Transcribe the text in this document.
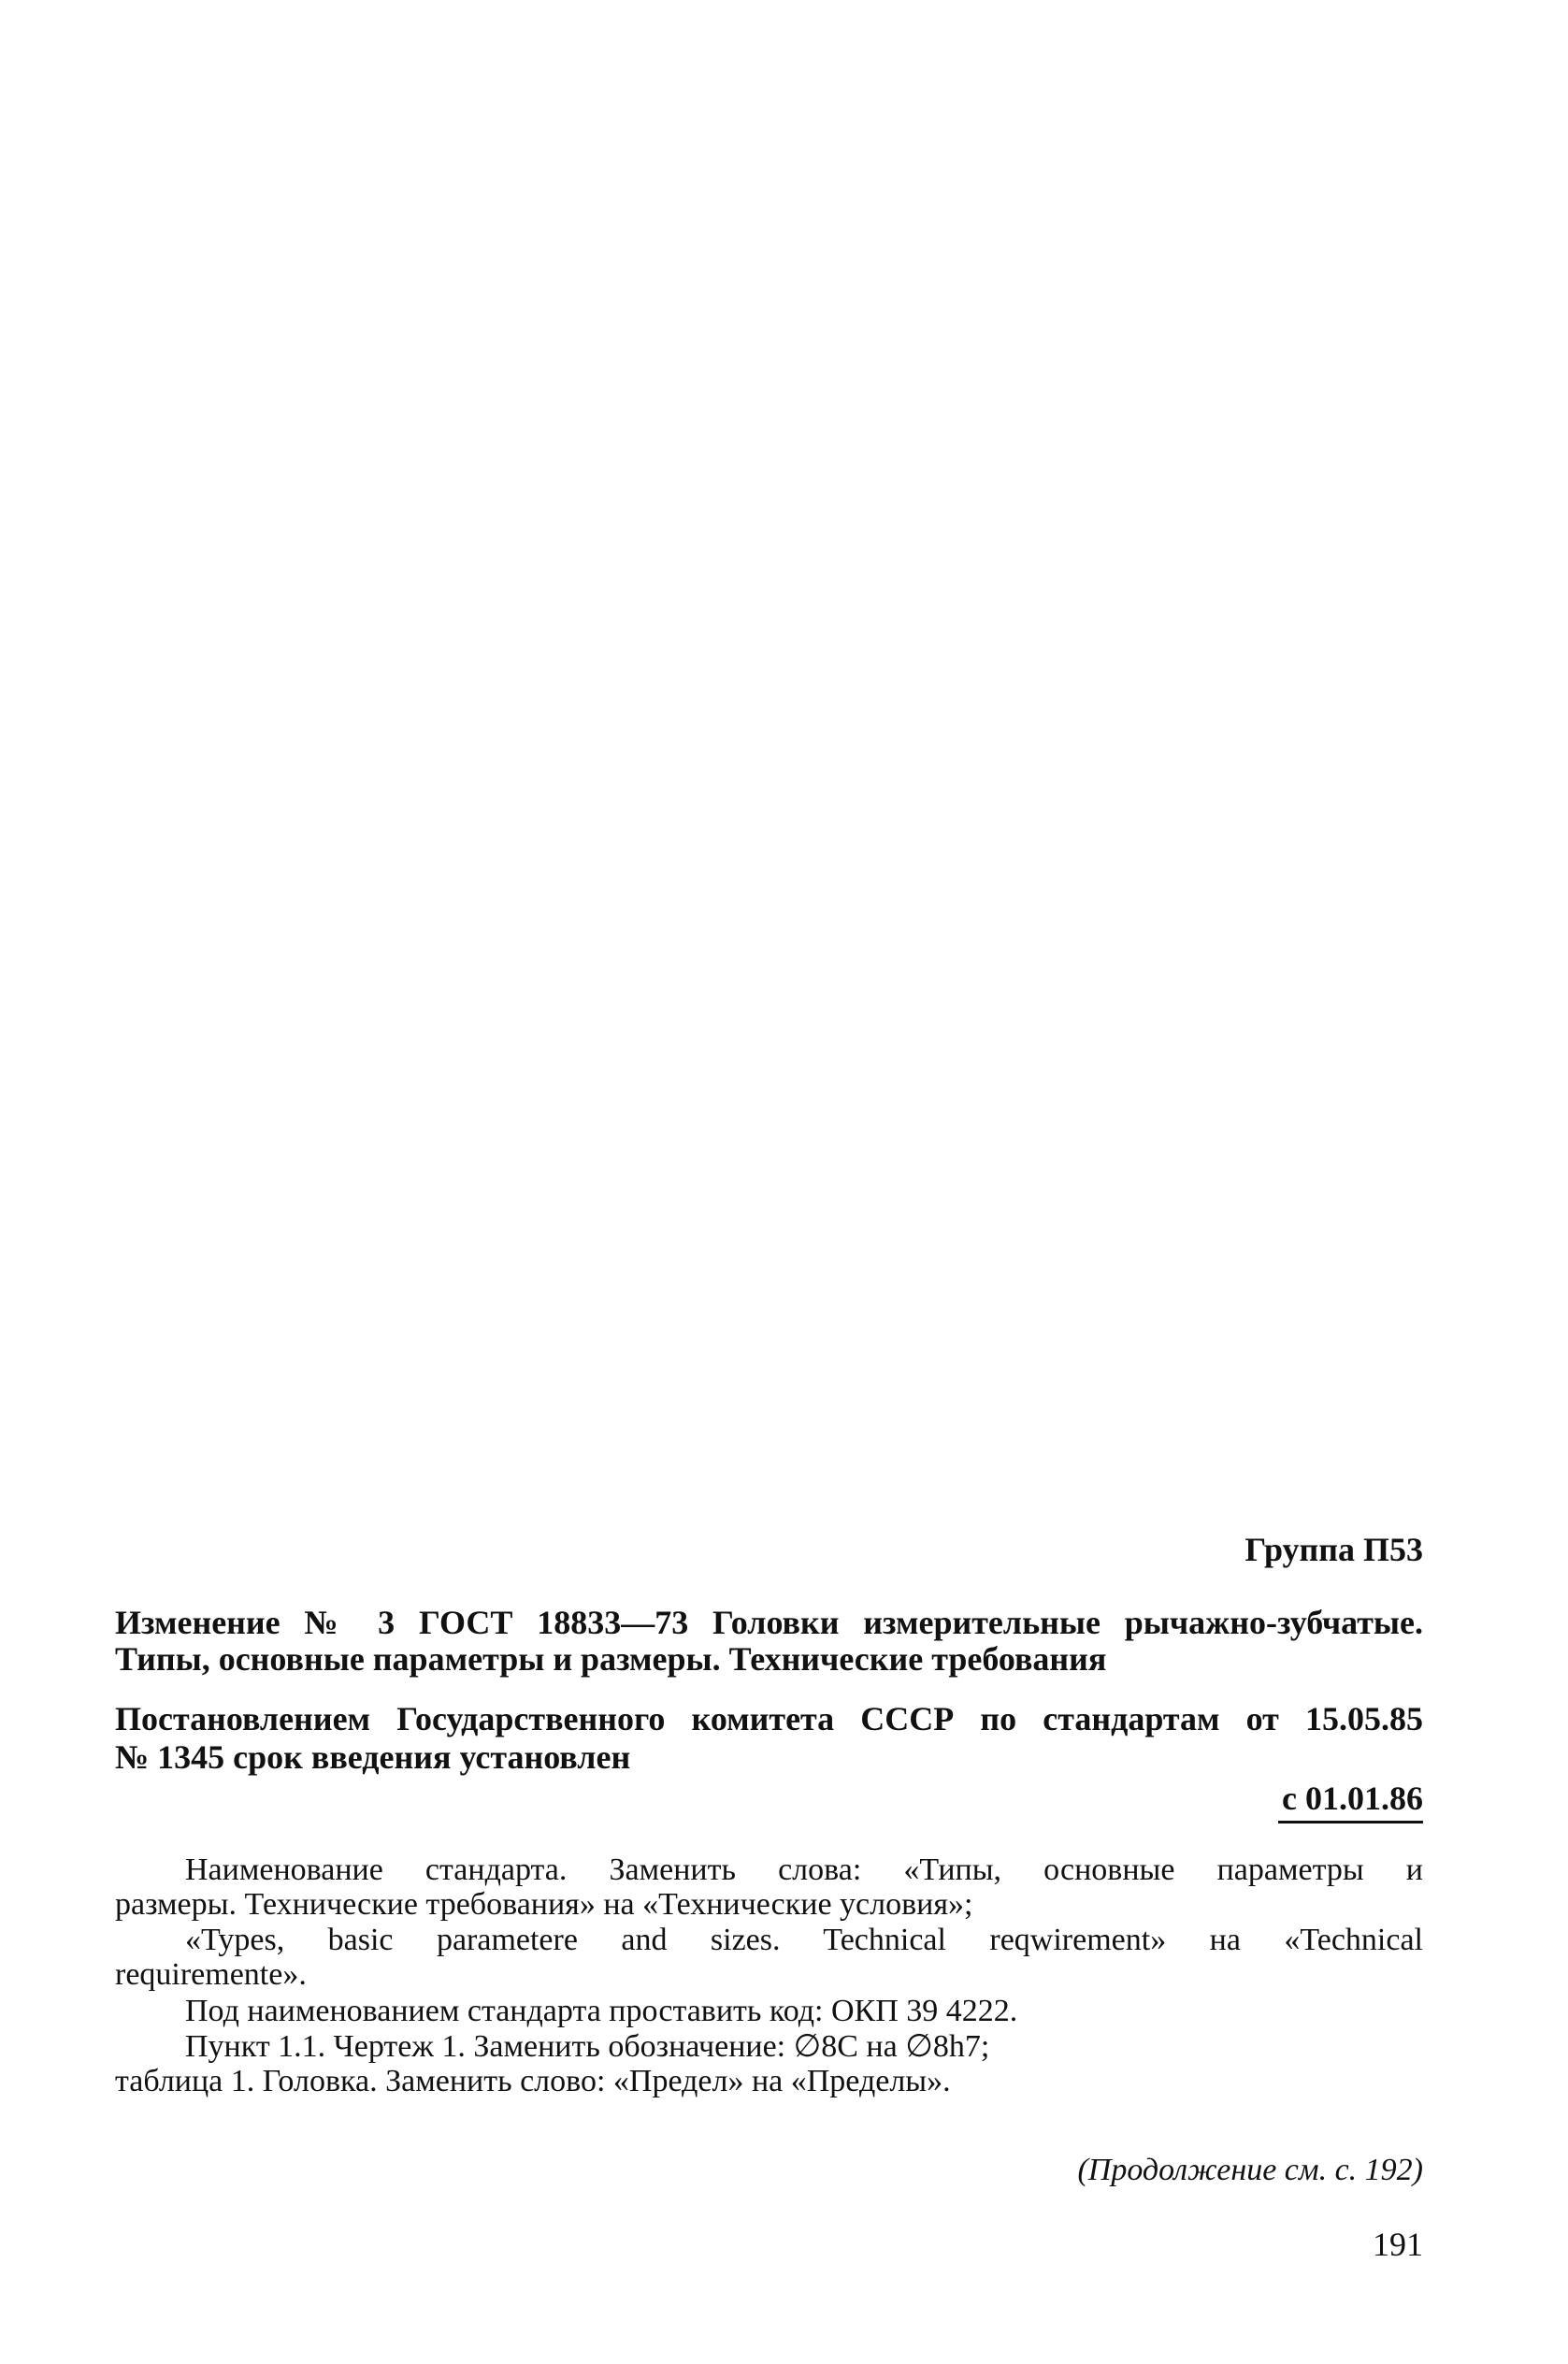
Группа П53
Изменение № 3 ГОСТ 18833—73 Головки измерительные рычажно-зубчатые.
Типы, основные параметры и размеры. Технические требования
Постановлением Государственного комитета СССР по стандартам от 15.05.85
№ 1345 срок введения установлен
с 01.01.86
Наименование стандарта. Заменить слова: «Типы, основные параметры и
размеры. Технические требования» на «Технические условия»;
«Types, basic parametere and sizes. Technical reqwirement» на «Technical
requiremente».
Под наименованием стандарта проставить код: ОКП 39 4222.
Пункт 1.1. Чертеж 1. Заменить обозначение: ∅8С на ∅8h7;
таблица 1. Головка. Заменить слово: «Предел» на «Пределы».
(Продолжение см. с. 192)
191
